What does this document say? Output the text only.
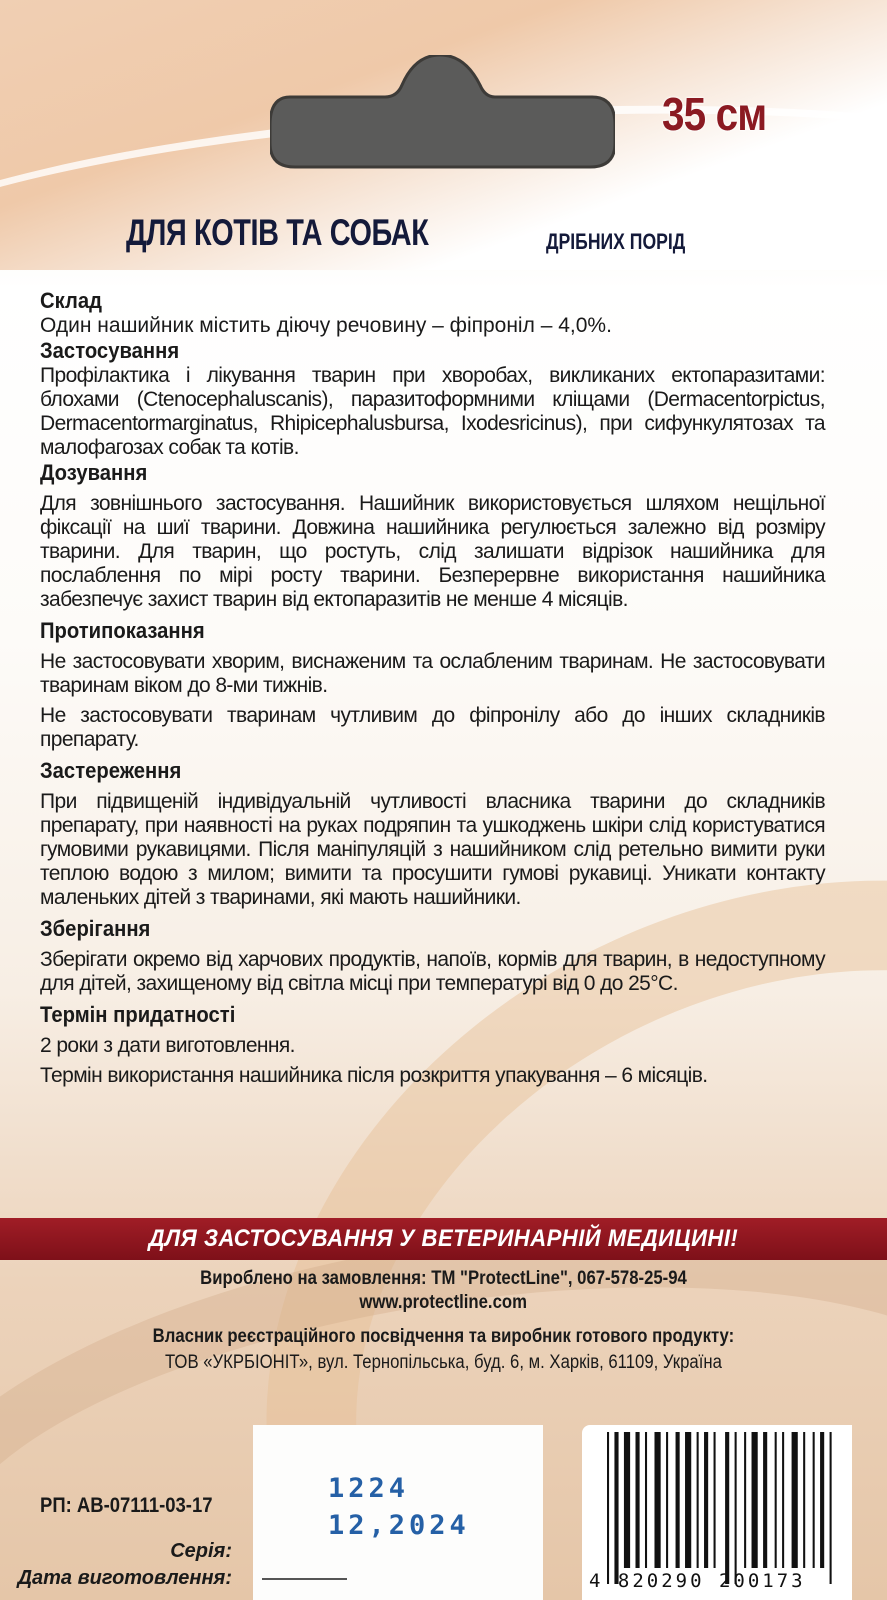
35 см
ДЛЯ КОТІВ ТА СОБАК	ДРІБНИХ ПОРІД
Склад
Один нашийник містить діючу речовину – фіпроніл – 4,0%.
Застосування
Профілактика і лікування тварин при хворобах, викликаних ектопаразитами: блохами (Ctenocephaluscanis), паразитоформними кліщами (Dermacentorpictus, Dermacentormarginatus, Rhipicephalusbursa, Ixodesricinus), при сифункулятозах та малофагозах собак та котів.
Дозування
Для зовнішнього застосування. Нашийник використовується шляхом нещільної фіксації на шиї тварини. Довжина нашийника регулюється залежно від розміру тварини. Для тварин, що ростуть, слід залишати відрізок нашийника для послаблення по мірі росту тварини. Безперервне використання нашийника забезпечує захист тварин від ектопаразитів не менше 4 місяців.
Протипоказання
Не застосовувати хворим, виснаженим та ослабленим тваринам. Не застосовувати тваринам віком до 8-ми тижнів.
Не застосовувати тваринам чутливим до фіпронілу або до інших складників препарату.
Застереження
При підвищеній індивідуальній чутливості власника тварини до складників препарату, при наявності на руках подряпин та ушкоджень шкіри слід користуватися гумовими рукавицями. Після маніпуляцій з нашийником слід ретельно вимити руки теплою водою з милом; вимити та просушити гумові рукавиці. Уникати контакту маленьких дітей з тваринами, які мають нашийники.
Зберігання
Зберігати окремо від харчових продуктів, напоїв, кормів для тварин, в недоступному для дітей, захищеному від світла місці при температурі від 0 до 25°С.
Термін придатності
2 роки з дати виготовлення.
Термін використання нашийника після розкриття упакування – 6 місяців.
ДЛЯ ЗАСТОСУВАННЯ У ВЕТЕРИНАРНІЙ МЕДИЦИНІ!
Вироблено на замовлення: ТМ "ProtectLine", 067-578-25-94
www.protectline.com
Власник реєстраційного посвідчення та виробник готового продукту:
ТОВ «УКРБІОНІТ», вул. Тернопільська, буд. 6, м. Харків, 61109, Україна
1224
12,2024
РП: АВ-07111-03-17
Серія:
Дата виготовлення:	4 820290 200173
